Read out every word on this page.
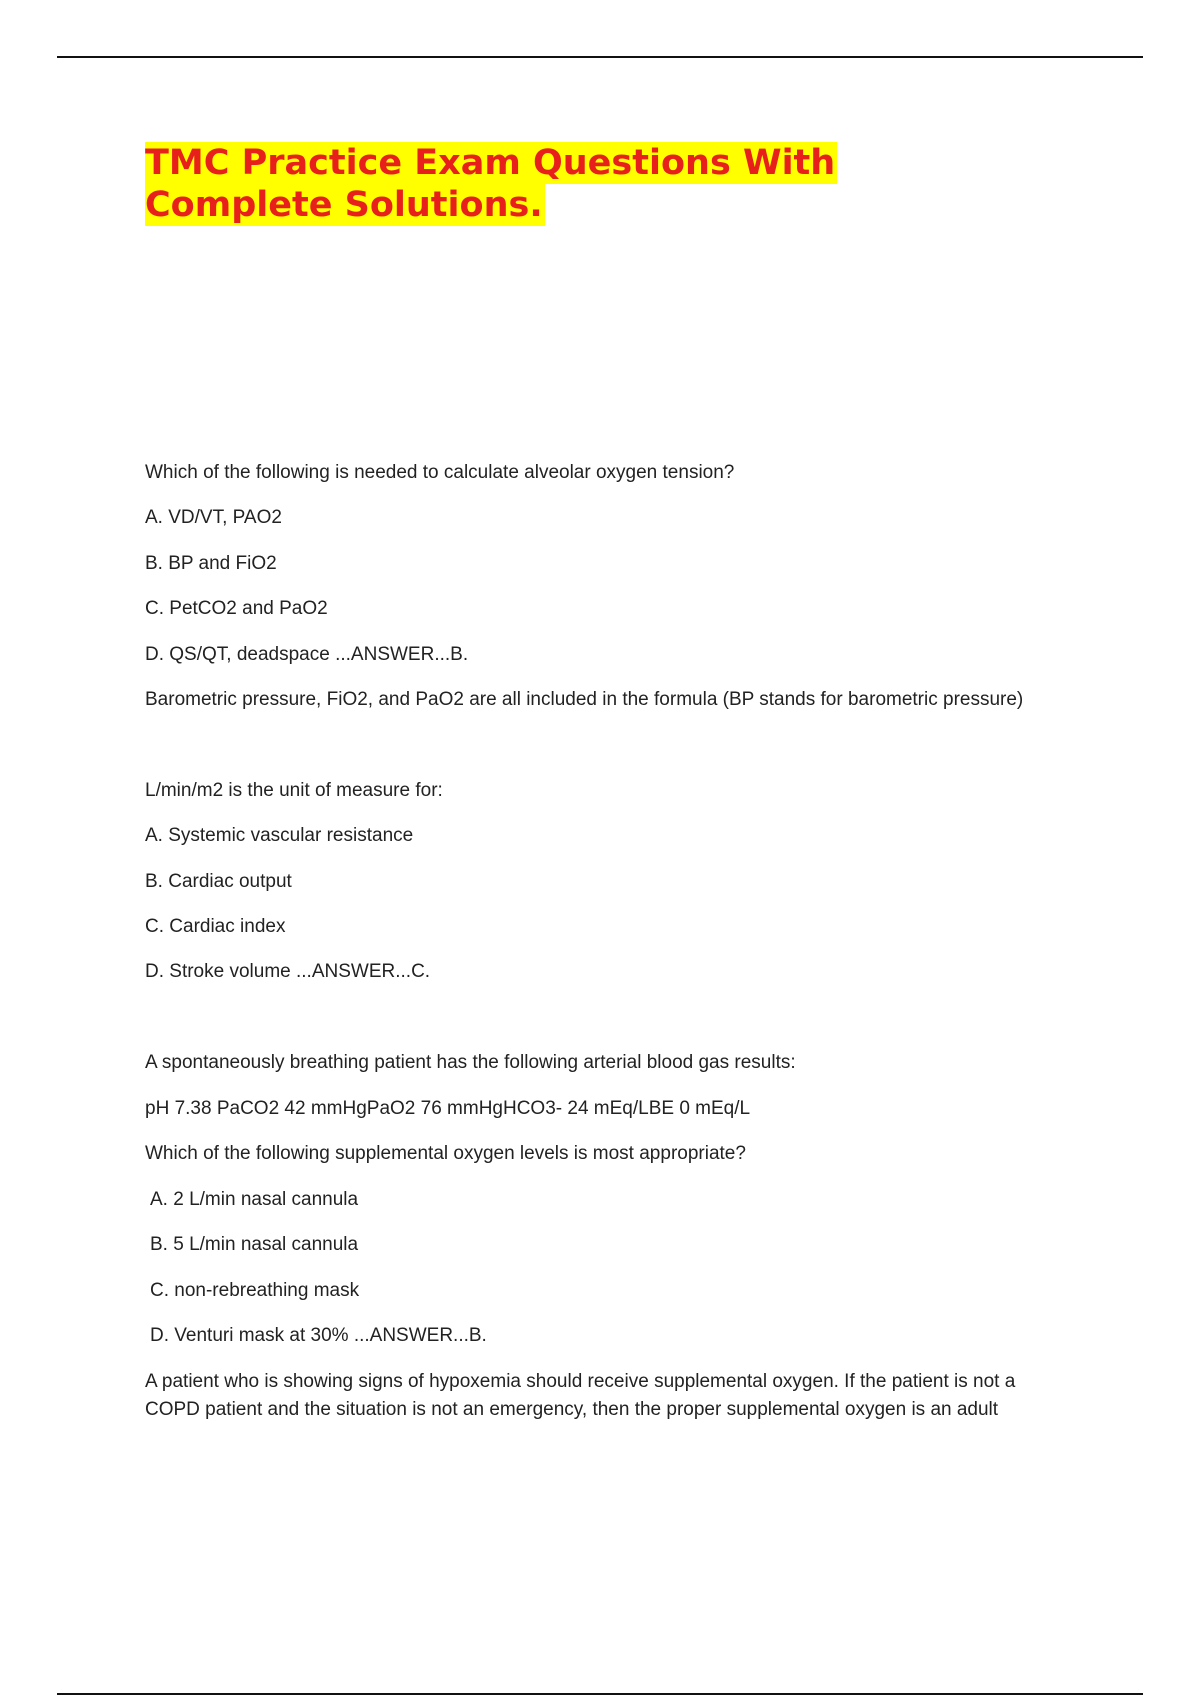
TMC Practice Exam Questions With
Complete Solutions.

Which of the following is needed to calculate alveolar oxygen tension?

A. VD/VT, PAO2

B. BP and FiO2

C. PetCO2 and PaO2

D. QS/QT, deadspace ...ANSWER...B.

Barometric pressure, FiO2, and PaO2 are all included in the formula (BP stands for barometric pressure)

L/min/m2 is the unit of measure for:

A. Systemic vascular resistance

B. Cardiac output

C. Cardiac index

D. Stroke volume ...ANSWER...C.

A spontaneously breathing patient has the following arterial blood gas results:

pH 7.38 PaCO2 42 mmHgPaO2 76 mmHgHCO3- 24 mEq/LBE 0 mEq/L

Which of the following supplemental oxygen levels is most appropriate?

A. 2 L/min nasal cannula

B. 5 L/min nasal cannula

C. non-rebreathing mask

D. Venturi mask at 30% ...ANSWER...B.

A patient who is showing signs of hypoxemia should receive supplemental oxygen. If the patient is not a

COPD patient and the situation is not an emergency, then the proper supplemental oxygen is an adult
